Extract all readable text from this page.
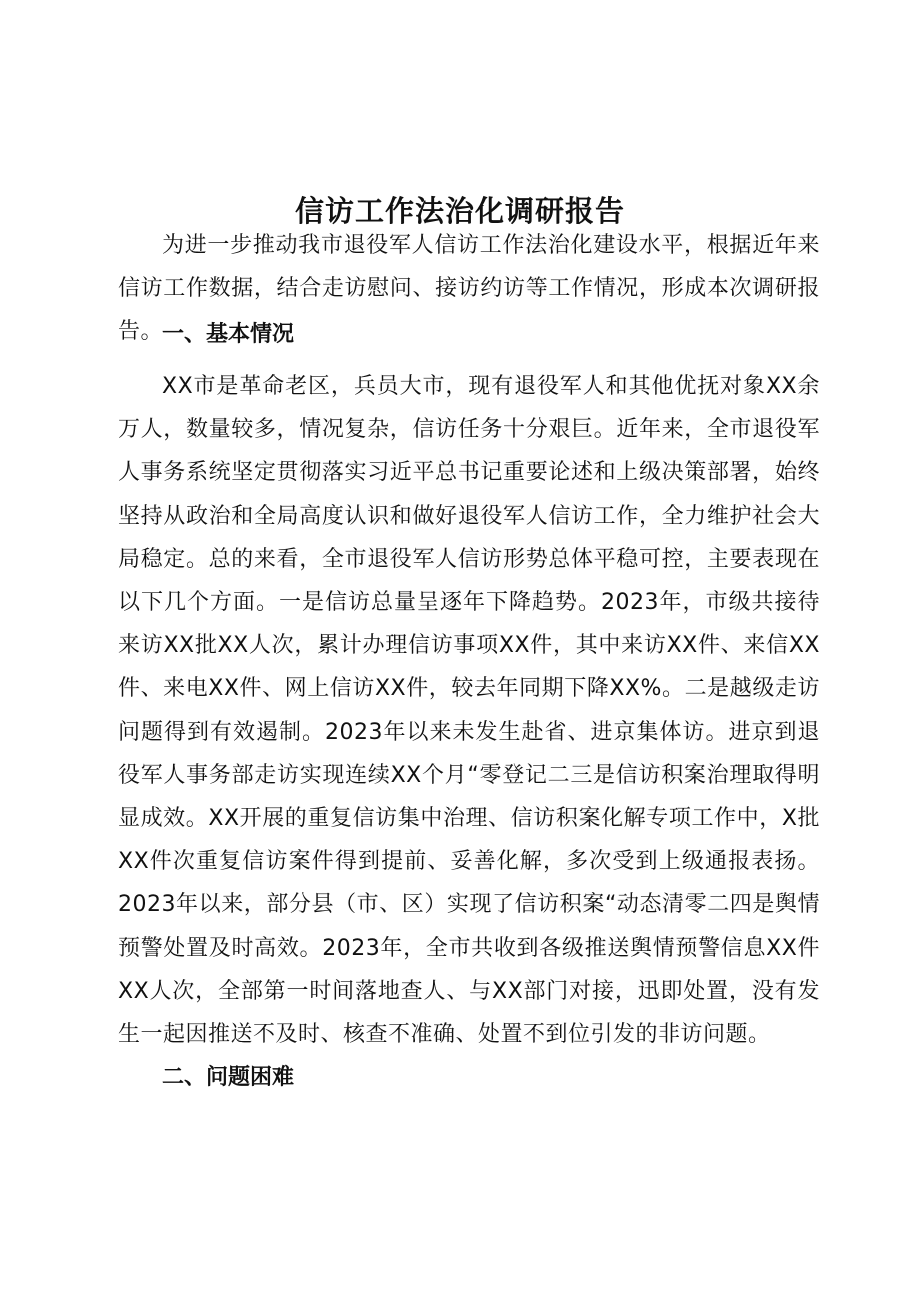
信访工作法治化调研报告

为进一步推动我市退役军人信访工作法治化建设水平，根据近年来信访工作数据，结合走访慰问、接访约访等工作情况，形成本次调研报告。

一、基本情况

XX市是革命老区，兵员大市，现有退役军人和其他优抚对象XX余万人，数量较多，情况复杂，信访任务十分艰巨。近年来，全市退役军人事务系统坚定贯彻落实习近平总书记重要论述和上级决策部署，始终坚持从政治和全局高度认识和做好退役军人信访工作，全力维护社会大局稳定。总的来看，全市退役军人信访形势总体平稳可控，主要表现在以下几个方面。一是信访总量呈逐年下降趋势。2023年，市级共接待来访XX批XX人次，累计办理信访事项XX件，其中来访XX件、来信XX件、来电XX件、网上信访XX件，较去年同期下降XX%。二是越级走访问题得到有效遏制。2023年以来未发生赴省、进京集体访。进京到退役军人事务部走访实现连续XX个月“零登记二三是信访积案治理取得明显成效。XX开展的重复信访集中治理、信访积案化解专项工作中，X批XX件次重复信访案件得到提前、妥善化解，多次受到上级通报表扬。2023年以来，部分县（市、区）实现了信访积案“动态清零二四是舆情预警处置及时高效。2023年，全市共收到各级推送舆情预警信息XX件XX人次，全部第一时间落地查人、与XX部门对接，迅即处置，没有发生一起因推送不及时、核查不准确、处置不到位引发的非访问题。

二、问题困难
